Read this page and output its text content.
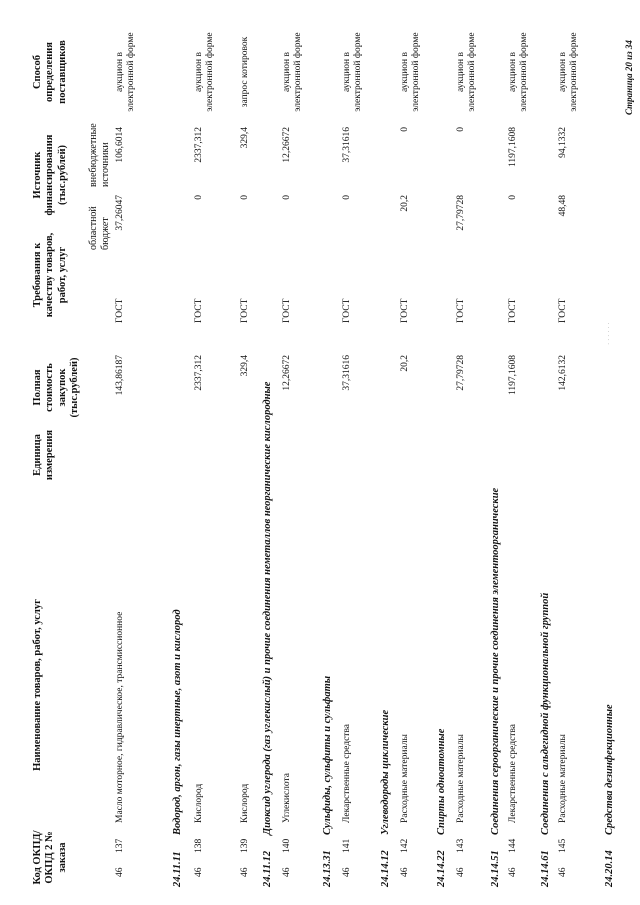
Код ОКПД/ ОКПД 2 № заказа
Наименование товаров, работ, услуг
Единица измерения
Полная стоимость закупок (тыс.рублей)
Требования к качеству товаров, работ, услуг
Источник финансирования (тыс.рублей)
областной бюджет
внебюджетные источники
Способ определения поставщиков
46
137
Масло моторное, гидравлическое, трансмиссионное
143,86187
ГОСТ
37,26047
106,6014
аукцион в электронной форме
24.11.11Водород, аргон, газы инертные, азот и кислород
46
138
Кислород
2337,312
ГОСТ
0
2337,312
аукцион в электронной форме
46
139
Кислород
329,4
ГОСТ
0
329,4
запрос котировок
24.11.12Диоксид углерода (газ углекислый) и прочие соединения неметаллов неорганические кислородные
46
140
Углекислота
12,26672
ГОСТ
0
12,26672
аукцион в электронной форме
24.13.31Сульфиды, сульфиты и сульфаты
46
141
Лекарственные средства
37,31616
ГОСТ
0
37,31616
аукцион в электронной форме
24.14.12Углеводороды циклические
46
142
Расходные материалы
20,2
ГОСТ
20,2
0
аукцион в электронной форме
24.14.22Спирты одноатомные
46
143
Расходные материалы
27,79728
ГОСТ
27,79728
0
аукцион в электронной форме
24.14.51Соединения сероорганические и прочие соединения элементоорганические
46
144
Лекарственные средства
1197,1608
ГОСТ
0
1197,1608
аукцион в электронной форме
24.14.61Соединения с альдегидной функциональной группой
46
145
Расходные материалы
142,6132
ГОСТ
48,48
94,1332
аукцион в электронной форме
24.20.14Средства дезинфекционные
Страница 20 из 34
· · · · · ·
